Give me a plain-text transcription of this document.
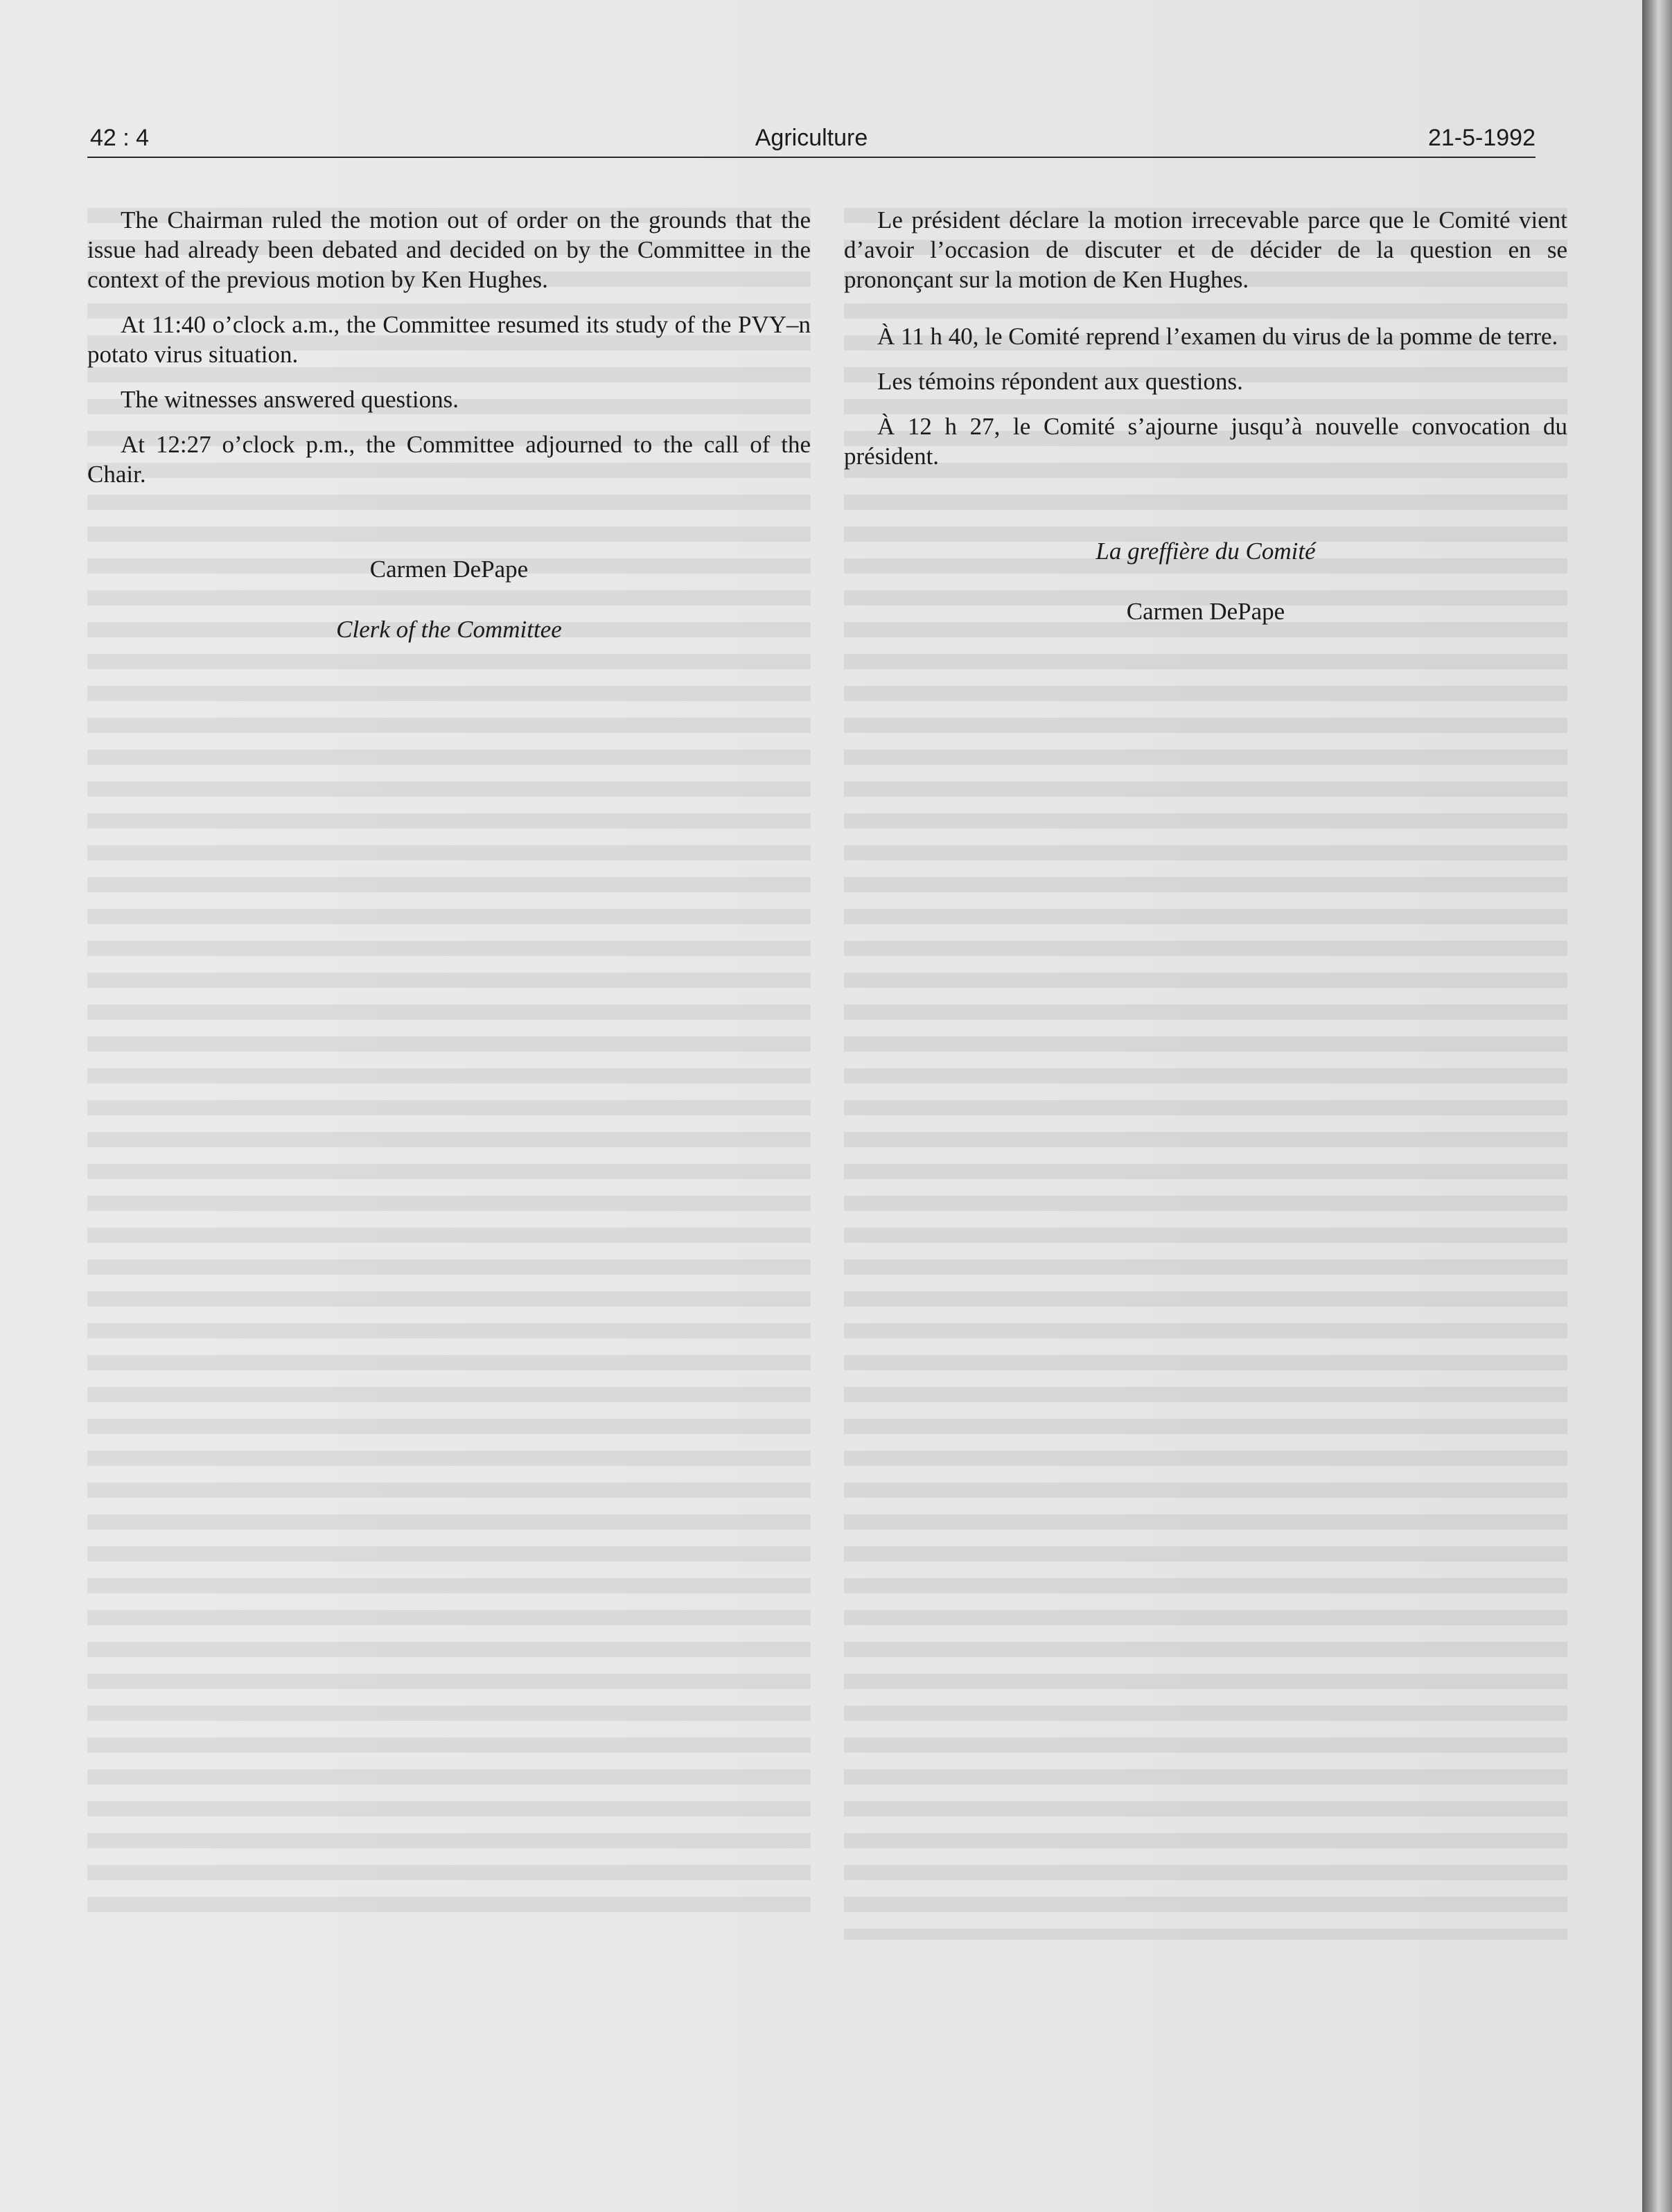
42 : 4	Agriculture	21-5-1992

The Chairman ruled the motion out of order on the grounds that the issue had already been debated and decided on by the Committee in the context of the previous motion by Ken Hughes.

At 11:40 o’clock a.m., the Committee resumed its study of the PVY–n potato virus situation.

The witnesses answered questions.

At 12:27 o’clock p.m., the Committee adjourned to the call of the Chair.

Carmen DePape

Clerk of the Committee

Le président déclare la motion irrecevable parce que le Comité vient d’avoir l’occasion de discuter et de décider de la question en se prononçant sur la motion de Ken Hughes.

À 11 h 40, le Comité reprend l’examen du virus de la pomme de terre.

Les témoins répondent aux questions.

À 12 h 27, le Comité s’ajourne jusqu’à nouvelle convocation du président.

La greffière du Comité

Carmen DePape
